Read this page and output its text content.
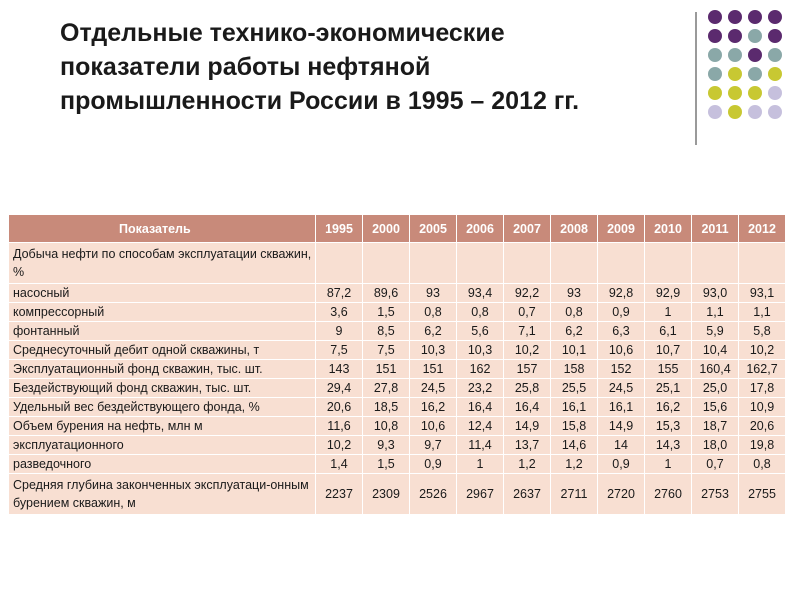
Отдельные технико-экономические
показатели работы нефтяной
промышленности России в 1995 – 2012 гг.
Показатель	1995	2000	2005	2006	2007	2008	2009	2010	2011	2012
Добыча нефти по способам эксплуатации скважин, %										
насосный	87,2	89,6	93	93,4	92,2	93	92,8	92,9	93,0	93,1
компрессорный	3,6	1,5	0,8	0,8	0,7	0,8	0,9	1	1,1	1,1
фонтанный	9	8,5	6,2	5,6	7,1	6,2	6,3	6,1	5,9	5,8
Среднесуточный дебит одной скважины, т	7,5	7,5	10,3	10,3	10,2	10,1	10,6	10,7	10,4	10,2
Эксплуатационный фонд скважин, тыс. шт.	143	151	151	162	157	158	152	155	160,4	162,7
Бездействующий фонд скважин, тыс. шт.	29,4	27,8	24,5	23,2	25,8	25,5	24,5	25,1	25,0	17,8
Удельный вес бездействующего фонда, %	20,6	18,5	16,2	16,4	16,4	16,1	16,1	16,2	15,6	10,9
Объем бурения на нефть, млн м	11,6	10,8	10,6	12,4	14,9	15,8	14,9	15,3	18,7	20,6
эксплуатационного	10,2	9,3	9,7	11,4	13,7	14,6	14	14,3	18,0	19,8
разведочного	1,4	1,5	0,9	1	1,2	1,2	0,9	1	0,7	0,8
Средняя глубина законченных эксплуатаци-онным бурением скважин, м	2237	2309	2526	2967	2637	2711	2720	2760	2753	2755
